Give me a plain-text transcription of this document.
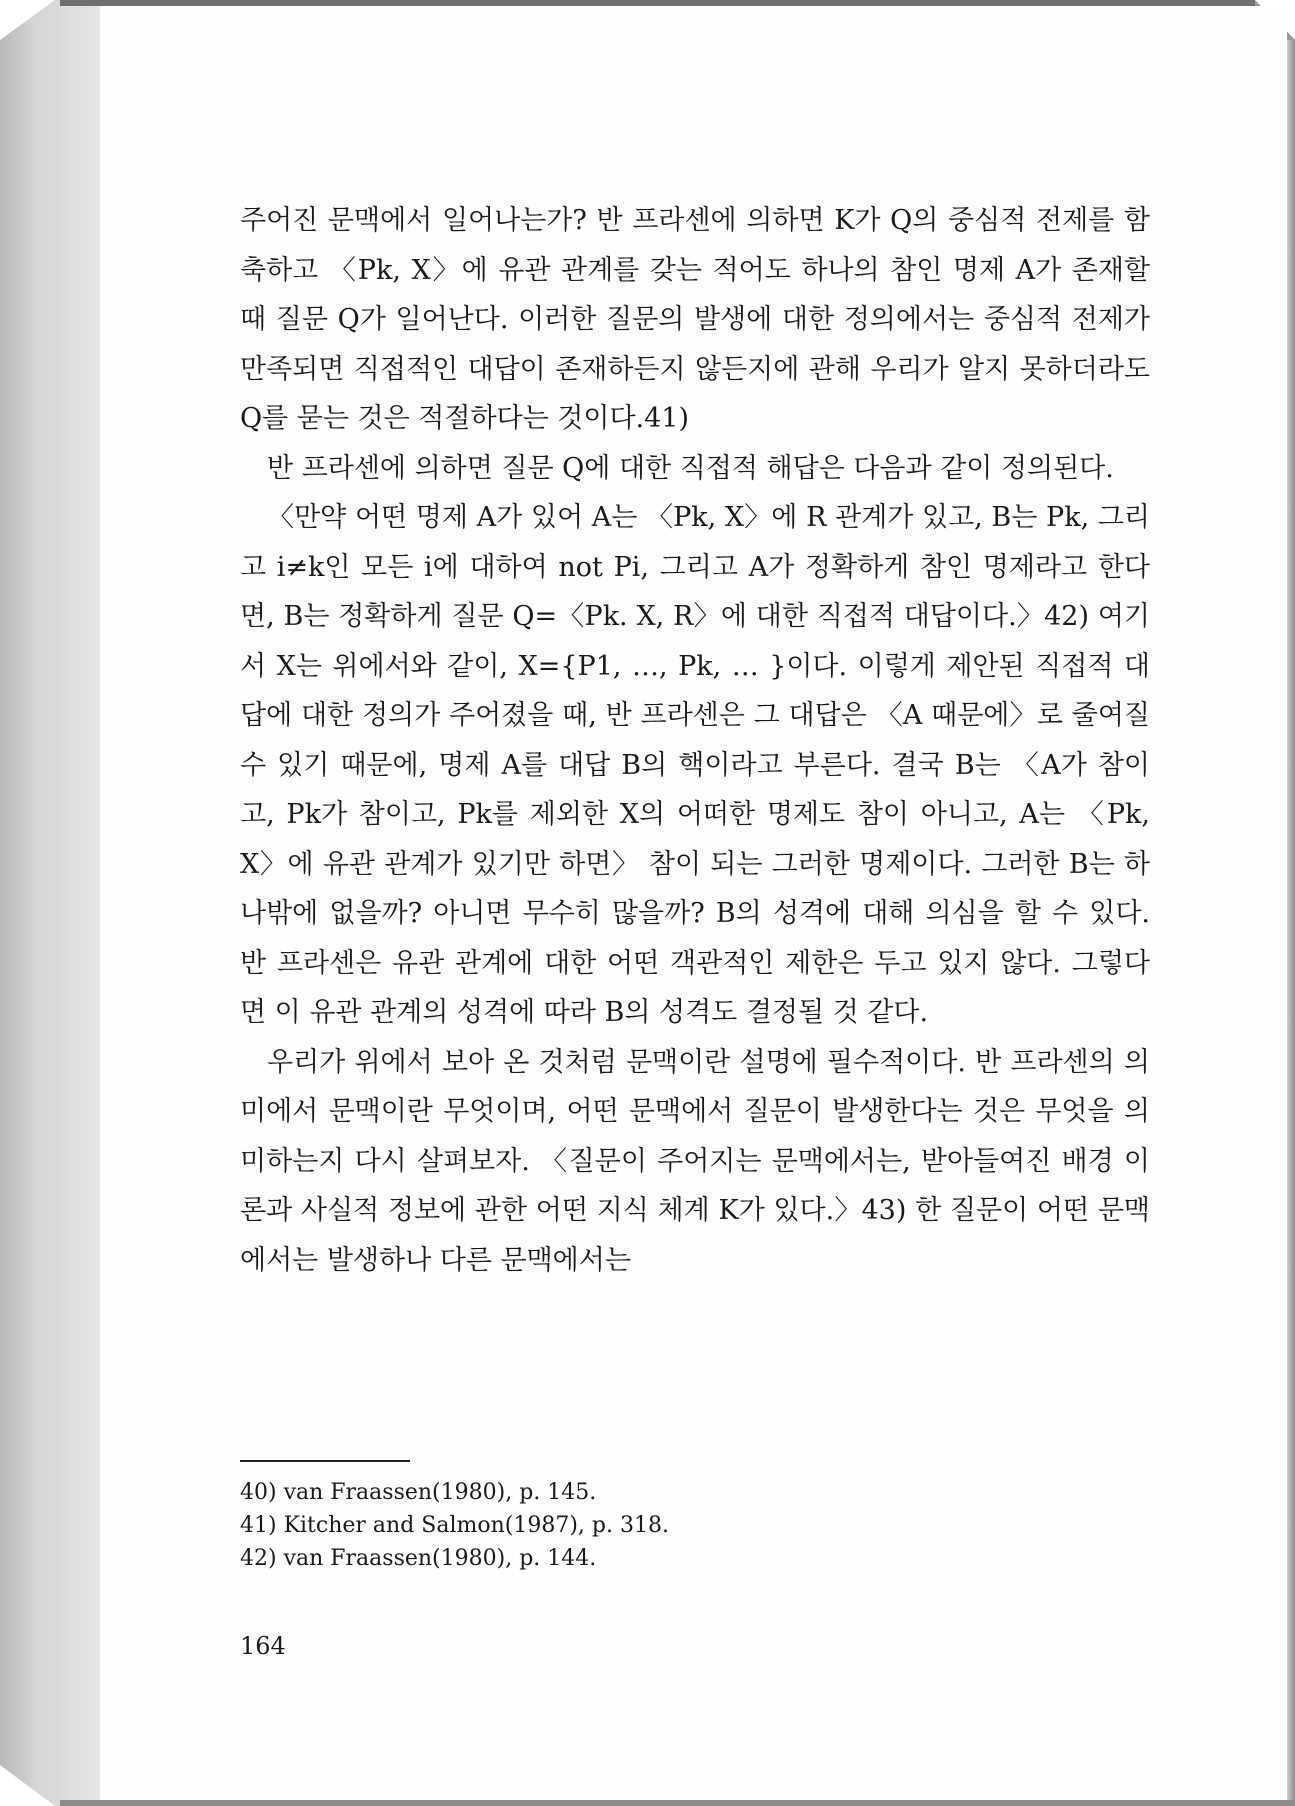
주어진 문맥에서 일어나는가? 반 프라센에 의하면 K가 Q의 중심적 전제를 함축하고 〈Pk, X〉에 유관 관계를 갖는 적어도 하나의 참인 명제 A가 존재할 때 질문 Q가 일어난다. 이러한 질문의 발생에 대한 정의에서는 중심적 전제가 만족되면 직접적인 대답이 존재하든지 않든지에 관해 우리가 알지 못하더라도 Q를 묻는 것은 적절하다는 것이다.41)

반 프라센에 의하면 질문 Q에 대한 직접적 해답은 다음과 같이 정의된다.

〈만약 어떤 명제 A가 있어 A는 〈Pk, X〉에 R 관계가 있고, B는 Pk, 그리고 i≠k인 모든 i에 대하여 not Pi, 그리고 A가 정확하게 참인 명제라고 한다면, B는 정확하게 질문 Q=〈Pk. X, R〉에 대한 직접적 대답이다.〉42) 여기서 X는 위에서와 같이, X={P1, …, Pk, … }이다. 이렇게 제안된 직접적 대답에 대한 정의가 주어졌을 때, 반 프라센은 그 대답은 〈A 때문에〉로 줄여질 수 있기 때문에, 명제 A를 대답 B의 핵이라고 부른다. 결국 B는 〈A가 참이고, Pk가 참이고, Pk를 제외한 X의 어떠한 명제도 참이 아니고, A는 〈Pk, X〉에 유관 관계가 있기만 하면〉 참이 되는 그러한 명제이다. 그러한 B는 하나밖에 없을까? 아니면 무수히 많을까? B의 성격에 대해 의심을 할 수 있다. 반 프라센은 유관 관계에 대한 어떤 객관적인 제한은 두고 있지 않다. 그렇다면 이 유관 관계의 성격에 따라 B의 성격도 결정될 것 같다.

우리가 위에서 보아 온 것처럼 문맥이란 설명에 필수적이다. 반 프라센의 의미에서 문맥이란 무엇이며, 어떤 문맥에서 질문이 발생한다는 것은 무엇을 의미하는지 다시 살펴보자. 〈질문이 주어지는 문맥에서는, 받아들여진 배경 이론과 사실적 정보에 관한 어떤 지식 체계 K가 있다.〉43) 한 질문이 어떤 문맥에서는 발생하나 다른 문맥에서는

40) van Fraassen(1980), p. 145.
41) Kitcher and Salmon(1987), p. 318.
42) van Fraassen(1980), p. 144.
164
